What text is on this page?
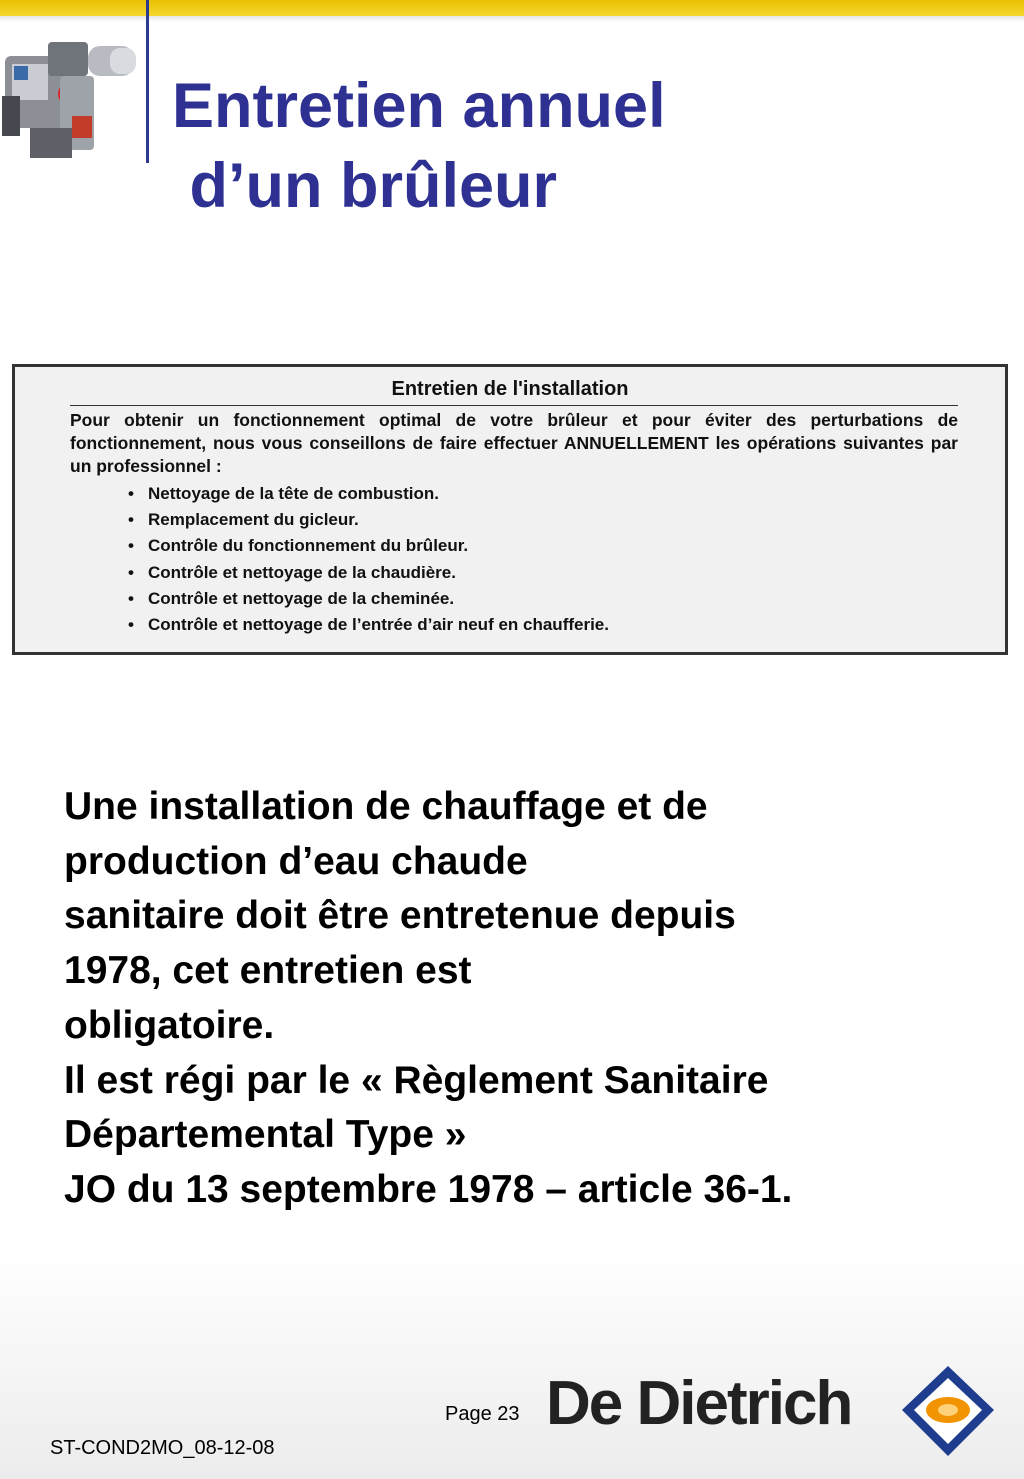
Entretien annuel
d’un brûleur
Entretien de l'installation

Pour obtenir un fonctionnement optimal de votre brûleur et pour éviter des perturbations de fonctionnement, nous vous conseillons de faire effectuer ANNUELLEMENT les opérations suivantes par un professionnel :

• Nettoyage de la tête de combustion.
• Remplacement du gicleur.
• Contrôle du fonctionnement du brûleur.
• Contrôle et nettoyage de la chaudière.
• Contrôle et nettoyage de la cheminée.
• Contrôle et nettoyage de l’entrée d’air neuf en chaufferie.

Une installation de chauffage et de
production d’eau chaude
sanitaire doit être entretenue depuis
1978, cet entretien est
obligatoire.
Il est régi par le « Règlement Sanitaire
Départemental Type »
JO du 13 septembre 1978 – article 36-1.

Page 23
ST-COND2MO_08-12-08
De Dietrich
